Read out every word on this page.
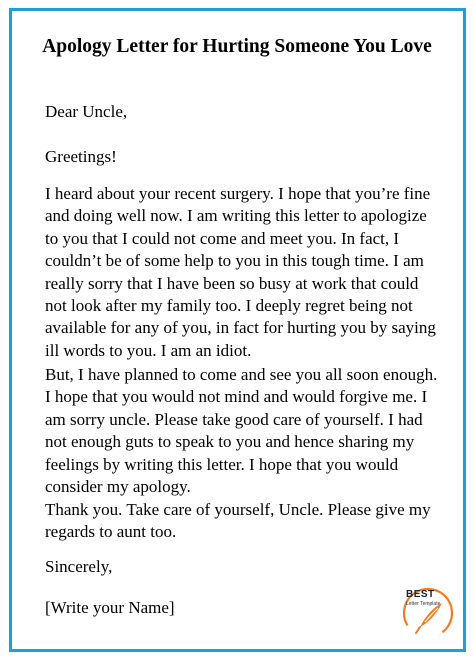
Apology Letter for Hurting Someone You Love

Dear Uncle,

Greetings!

I heard about your recent surgery. I hope that you’re fine and doing well now. I am writing this letter to apologize to you that I could not come and meet you. In fact, I couldn’t be of some help to you in this tough time. I am really sorry that I have been so busy at work that could not look after my family too. I deeply regret being not available for any of you, in fact for hurting you by saying ill words to you. I am an idiot.

But, I have planned to come and see you all soon enough. I hope that you would not mind and would forgive me. I am sorry uncle. Please take good care of yourself. I had not enough guts to speak to you and hence sharing my feelings by writing this letter. I hope that you would consider my apology.

Thank you. Take care of yourself, Uncle. Please give my regards to aunt too.

Sincerely,

[Write your Name]

BEST
Letter Template
